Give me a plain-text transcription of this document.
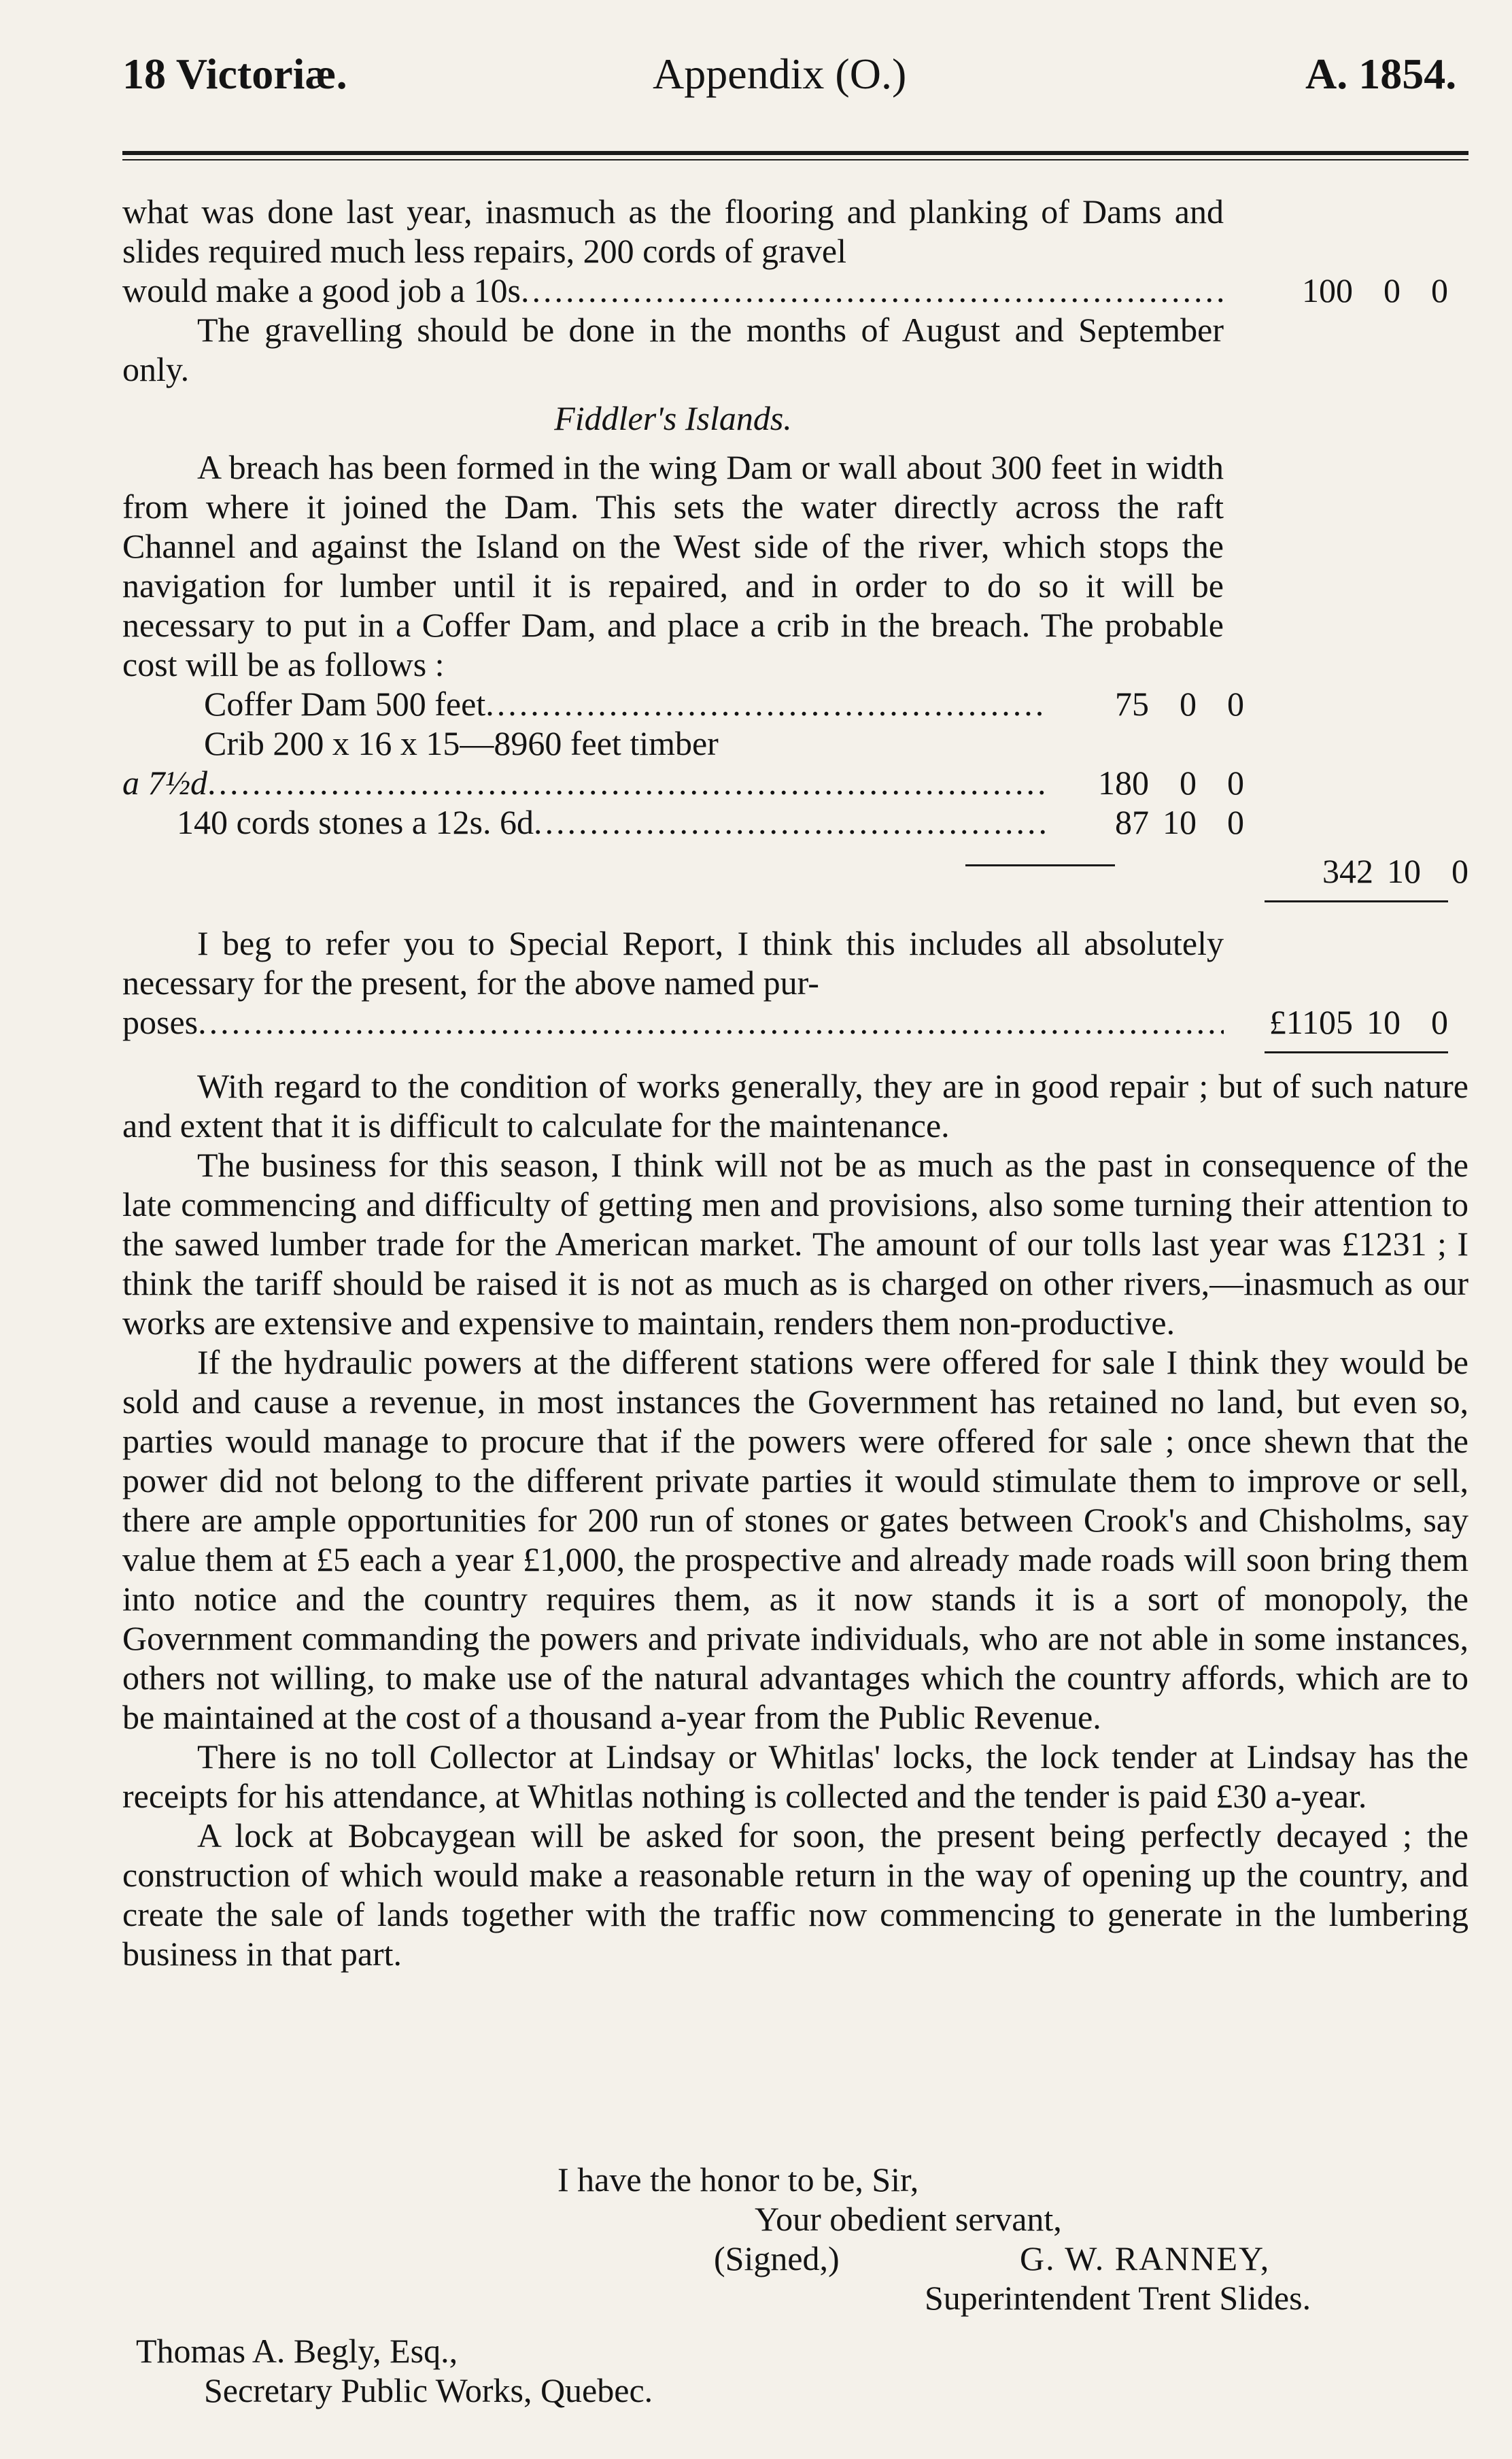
18 Victoriæ.	Appendix (O.)	A. 1854.

what was done last year, inasmuch as the flooring and planking of Dams and slides required much less repairs, 200 cords of gravel

would make a good job a 10s .....	100 0 0

The gravelling should be done in the months of August and September only.

Fiddler's Islands.

A breach has been formed in the wing Dam or wall about 300 feet in width from where it joined the Dam. This sets the water directly across the raft Channel and against the Island on the West side of the river, which stops the navigation for lumber until it is repaired, and in order to do so it will be necessary to put in a Coffer Dam, and place a crib in the breach. The probable cost will be as follows :

Coffer Dam 500 feet .....	75 0 0
Crib 200 x 16 x 15—8960 feet timber
a 7½d .....	180 0 0
140 cords stones a 12s. 6d .....	87 10 0
342 10 0

I beg to refer you to Special Report, I think this includes all absolutely necessary for the present, for the above named pur-

poses .....	£1105 10 0

With regard to the condition of works generally, they are in good repair ; but of such nature and extent that it is difficult to calculate for the maintenance.

The business for this season, I think will not be as much as the past in consequence of the late commencing and difficulty of getting men and provisions, also some turning their attention to the sawed lumber trade for the American market. The amount of our tolls last year was £1231 ; I think the tariff should be raised it is not as much as is charged on other rivers,—inasmuch as our works are extensive and expensive to maintain, renders them non-productive.

If the hydraulic powers at the different stations were offered for sale I think they would be sold and cause a revenue, in most instances the Government has retained no land, but even so, parties would manage to procure that if the powers were offered for sale ; once shewn that the power did not belong to the different private parties it would stimulate them to improve or sell, there are ample opportunities for 200 run of stones or gates between Crook's and Chisholms, say value them at £5 each a year £1,000, the prospective and already made roads will soon bring them into notice and the country requires them, as it now stands it is a sort of monopoly, the Government commanding the powers and private individuals, who are not able in some instances, others not willing, to make use of the natural advantages which the country affords, which are to be maintained at the cost of a thousand a-year from the Public Revenue.

There is no toll Collector at Lindsay or Whitlas' locks, the lock tender at Lindsay has the receipts for his attendance, at Whitlas nothing is collected and the tender is paid £30 a-year.

A lock at Bobcaygean will be asked for soon, the present being perfectly decayed ; the construction of which would make a reasonable return in the way of opening up the country, and create the sale of lands together with the traffic now commencing to generate in the lumbering business in that part.

I have the honor to be, Sir,
Your obedient servant,
(Signed,)	G. W. RANNEY,
Superintendent Trent Slides.
Thomas A. Begly, Esq.,
Secretary Public Works, Quebec.
